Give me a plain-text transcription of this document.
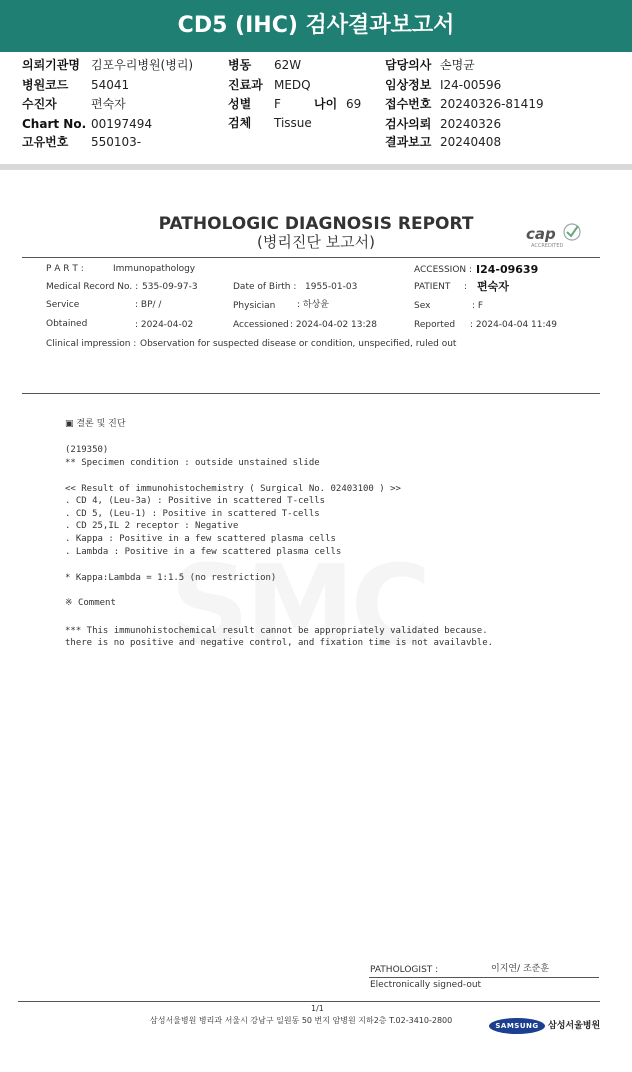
CD5 (IHC) 검사결과보고서
의뢰기관명 김포우리병원(병리)	병동 62W	담당의사 손명균
병원코드 54041	진료과 MEDQ	임상정보 I24-00596
수진자	편숙자	성별 F	나이 69 접수번호 20240326-81419
Chart No. 00197494	검체 Tissue	검사의뢰 20240326
고유번호 550103-	결과보고 20240408
PATHOLOGIC DIAGNOSIS REPORT
(병리진단 보고서)	cap
ACCREDITED
P A R T :	Immunopathology	ACCESSION : I24-09639
Medical Record No. : 535-09-97-3	Date of Birth : 1955-01-03	PATIENT : 편숙자
Service	: BP/ /	Physician : 하상윤	Sex	: F
Obtained	: 2024-04-02	Accessioned : 2024-04-02 13:28	Reported : 2024-04-04 11:49
Clinical impression : Observation for suspected disease or condition, unspecified, ruled out
▣ 결론 및 진단
(219350)
** Specimen condition : outside unstained slide
<< Result of immunohistochemistry ( Surgical No. 02403100 ) >>
. CD 4, (Leu-3a) : Positive in scattered T-cells
. CD 5, (Leu-1) : Positive in scattered T-cells
. CD 25,IL 2 receptor : Negative
. Kappa : Positive in a few scattered plasma cells
. Lambda : Positive in a few scattered plasma cells
* Kappa:Lambda = 1:1.5 (no restriction)
※ Comment
*** This immunohistochemical result cannot be appropriately validated because.
there is no positive and negative control, and fixation time is not availavble.
PATHOLOGIST :	이지연/ 조준훈
Electronically signed-out
1/1
삼성서울병원 병리과 서울시 강남구 일원동 50 번지 암병원 지하2층 T.02-3410-2800
SAMSUNG	삼성서울병원
